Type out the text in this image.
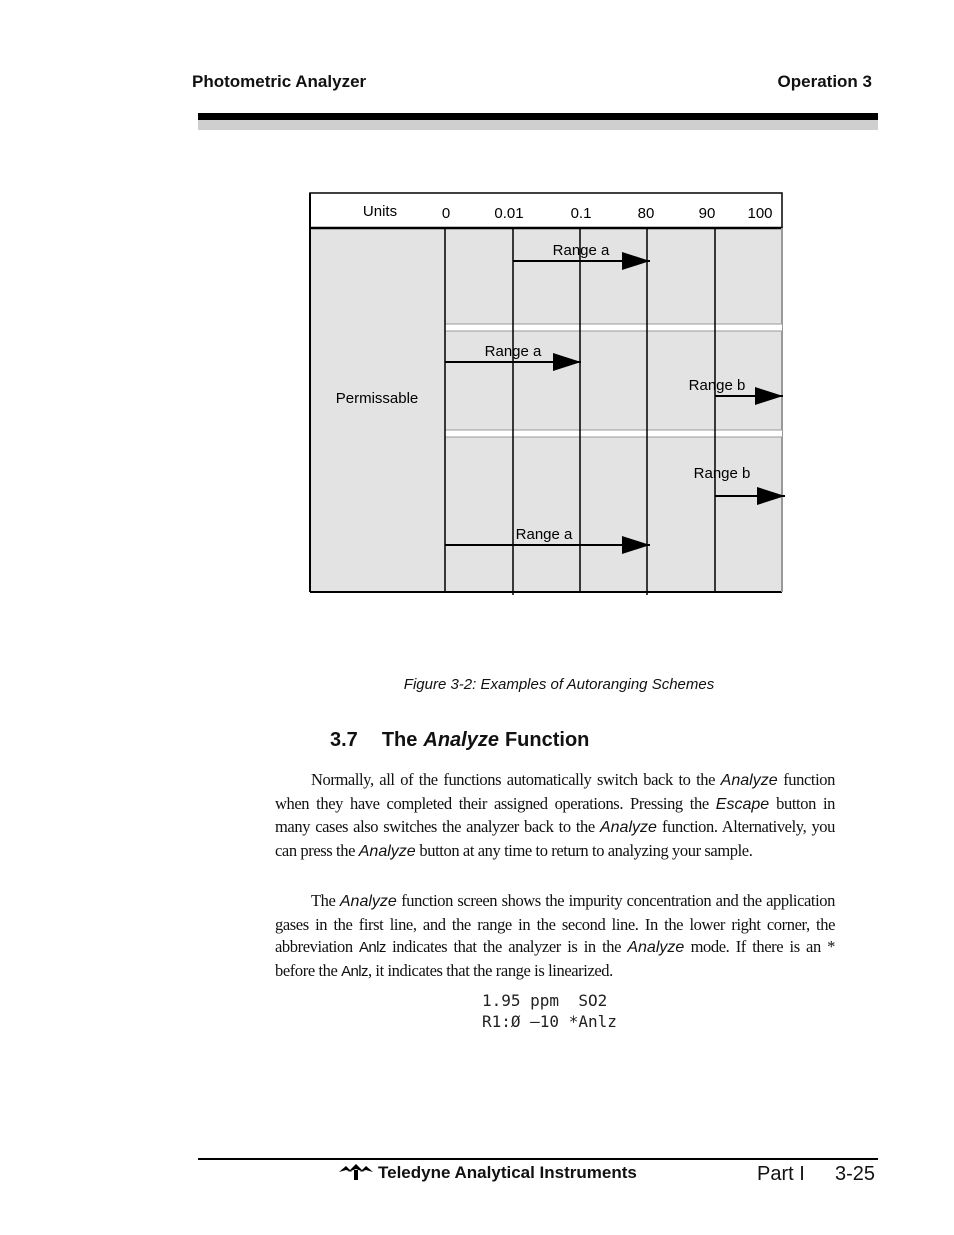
Photometric Analyzer	Operation 3
Units	0	0.01	0.1	80	90 100
Permissable
Range a
Range a
Range b
Range b
Range a
Figure 3-2: Examples of Autoranging Schemes
3.7 The Analyze Function
Normally, all of the functions automatically switch back to the Analyze function when they have completed their assigned operations. Pressing the Escape button in many cases also switches the analyzer back to the Analyze function. Alternatively, you can press the Analyze button at any time to return to analyzing your sample.
The Analyze function screen shows the impurity concentration and the application gases in the first line, and the range in the second line. In the lower right corner, the abbreviation Anlz indicates that the analyzer is in the Analyze mode. If there is an * before the Anlz, it indicates that the range is linearized.
1.95 ppm  SO2
R1:Ø —10 *Anlz
Teledyne Analytical Instruments	Part I 3-25
